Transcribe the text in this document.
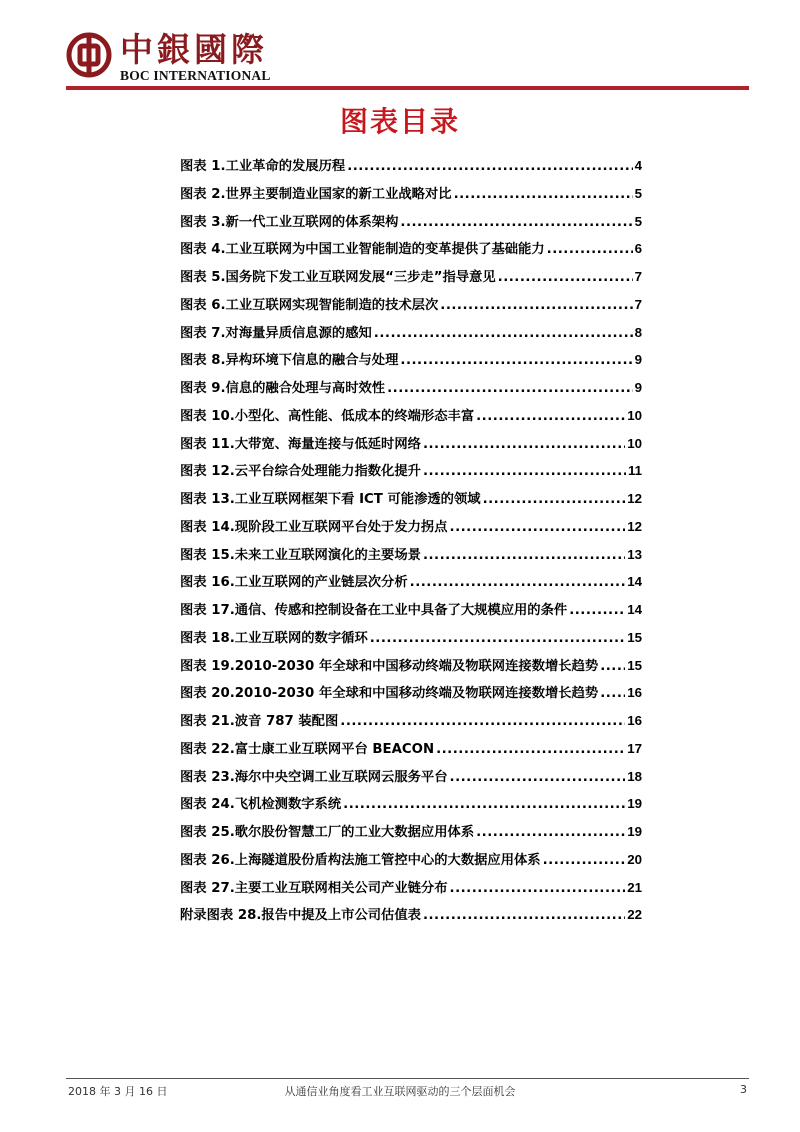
中銀國際
BOC INTERNATIONAL
图表目录
图表 1.工业革命的发展历程 .....	4
图表 2.世界主要制造业国家的新工业战略对比 .....	5
图表 3.新一代工业互联网的体系架构 .....	5
图表 4.工业互联网为中国工业智能制造的变革提供了基础能力 .....	6
图表 5.国务院下发工业互联网发展“三步走”指导意见 .....	7
图表 6.工业互联网实现智能制造的技术层次 .....	7
图表 7.对海量异质信息源的感知 .....	8
图表 8.异构环境下信息的融合与处理 .....	9
图表 9.信息的融合处理与高时效性 .....	9
图表 10.小型化、高性能、低成本的终端形态丰富 .....	10
图表 11.大带宽、海量连接与低延时网络 .....	10
图表 12.云平台综合处理能力指数化提升 .....	11
图表 13.工业互联网框架下看 ICT 可能渗透的领域 .....	12
图表 14.现阶段工业互联网平台处于发力拐点 .....	12
图表 15.未来工业互联网演化的主要场景 .....	13
图表 16.工业互联网的产业链层次分析 .....	14
图表 17.通信、传感和控制设备在工业中具备了大规模应用的条件 .....	14
图表 18.工业互联网的数字循环 .....	15
图表 19.2010-2030 年全球和中国移动终端及物联网连接数增长趋势 ..... 15
图表 20.2010-2030 年全球和中国移动终端及物联网连接数增长趋势 ..... 16
图表 21.波音 787 装配图 .....	16
图表 22.富士康工业互联网平台 BEACON .....	17
图表 23.海尔中央空调工业互联网云服务平台 .....	18
图表 24.飞机检测数字系统 .....	19
图表 25.歌尔股份智慧工厂的工业大数据应用体系 .....	19
图表 26.上海隧道股份盾构法施工管控中心的大数据应用体系 .....	20
图表 27.主要工业互联网相关公司产业链分布 .....	21
附录图表 28.报告中提及上市公司估值表 .....	22
2018 年 3 月 16 日	从通信业角度看工业互联网驱动的三个层面机会	3
